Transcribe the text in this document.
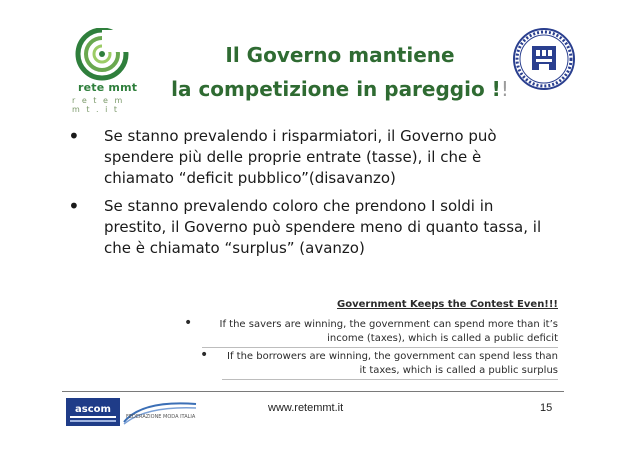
rete mmt
r e t e m m t . i t
Il Governo mantiene
la competizione in pareggio !!
• Se stanno prevalendo i risparmiatori, il Governo può spendere più delle proprie entrate (tasse), il che è chiamato “deficit pubblico”(disavanzo)
• Se stanno prevalendo coloro che prendono I soldi in prestito, il Governo può spendere meno di quanto tassa, il che è chiamato “surplus” (avanzo)
Government Keeps the Contest Even!!!
•	If the savers are winning, the government can spend more than it’s income (taxes), which is called a public deficit
• If the borrowers are winning, the government can spend less than it taxes, which is called a public surplus
ascom
FEDERAZIONE MODA ITALIA
www.retemmt.it	15
